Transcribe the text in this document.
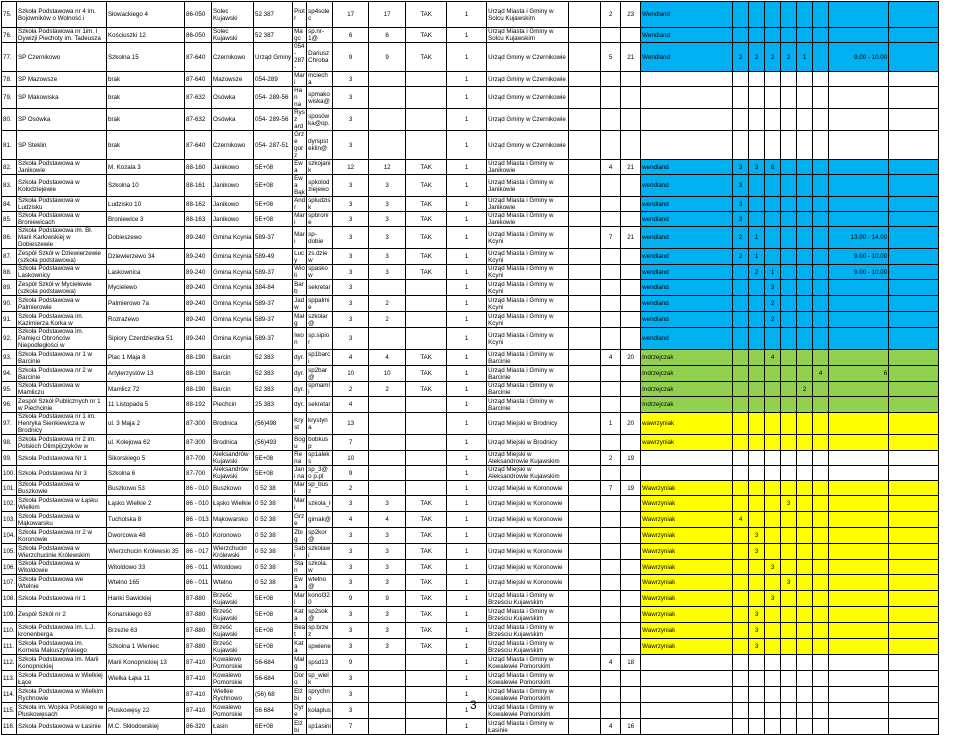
75.	Szkoła Podstawowa nr 4 im. Bojowników o Wolność i	Słowackiego 4	86-050	Solec Kujawski	52 387	Piotr	sp4solec	17	17	TAK	1	Urząd Miasta i Gminy w Solcu Kujawskim		2	23	Wendland								
76.	Szkoła Podstawowa nr 1im. I Dywizji Piechoty im. Tadeusza	Kościuszki 12	86-050	Solec Kujawski	52 387	Magc	sp.nr-1@	6	6	TAK	1	Urząd Miasta i Gminy w Solcu Kujawskim				Wendland								
77.	SP Czernikowo	Szkolna 15	87-640	Czernikowo	Urząd Gminy	054- 287-	Dariusz Chroba	9	9	TAK	1	Urząd Gminy w Czernikowie		5	21	Wendland	2	2	2	2	1		9.00 - 10.00	
78.	SP Mazowsze	brak	87-640	Mazowsze	054-289	Mari	mciecha	3			1	Urząd Gminy w Czernikowie												
79.	SP Makowiska	brak	87-632	Osówka	054- 289-56	Han na	spmako wiska@	3			1	Urząd Gminy w Czernikowie												
80.	SP Osówka	brak	87-632	Osówka	054- 289-56	Rysz ard	sposów ka@op.	3			1	Urząd Gminy w Czernikowie												
81.	SP Steklin	brak	87-640	Czernikowo	054- 287-51	Grze gorz	dyrspst eklin@	3			1	Urząd Gminy w Czernikowie												
82.	Szkoła Podstawowa w Janikowie	M. Kozala 3	88-160	Janikowo	5E+08	Ewa	szkojanik	12	12	TAK	1	Urząd Miasta i Gminy w Janikowie		4	21	wendland	3	3	6					
83.	Szkoła Podstawowa w Kołodziejewie	Szkolna 10	88-161	Janikowo	5E+08	Ewa Bąk	spkolod ziejewo	3	3	TAK	1	Urząd Miasta i Gminy w Janikowie				wendland	3							
84.	Szkoła Podstawowa w Ludzisku	Ludzisko 10	88-162	Janikowo	5E+08	Andr	spludzisk	3	3	TAK	1	Urząd Miasta i Gminy w Janikowie				wendland	3							
85.	Szkoła Podstawowa w Broniewicach	Broniewice 3	88-163	Janikowo	5E+08	Mari	spbronie	3	3	TAK	1	Urząd Miasta i Gminy w Janikowie				wendland	3							
86.	Szkoła Podstawowa im. Bł. Marii Karłowskiej w Dobieszewie	Dobieszewo	89-240	Gmina Kcynia	589-37	Mari	sp-dobie	3	3	TAK	1	Urząd Miasta i Gminy w Kcyni		7	21	wendland	2	1					13.00 - 14.00	
87.	Zespół Szkół w Dziewierzewie (szkoła podstawowa)	Dziewierzewo 34	89-240	Gmina Kcynia	589-49	Lucy	zs.dziew	3	3	TAK	1	Urząd Miasta i Gminy w Kcyni				wendland	2	1					9.00 - 10.00	
88.	Szkoła Podstawowa w Laskownicy	Laskownica	89-240	Gmina Kcynia	589-37	Wioli	spaskow	3	3	TAK	1	Urząd Miasta i Gminy w Kcyni				wendland		2	1				9.00 - 10.00	
89.	Zespół Szkół w Mycielewie (szkoła podstawowa)	Mycielewo	89-240	Gmina Kcynia	384-84	Barb	sekretar	3			1	Urząd Miasta i Gminy w Kcyni				wendland			3					
90.	Szkoła Podstawowa w Palmierowie	Palmierowo 7a	89-240	Gmina Kcynia	589-37	Jadw	sppalmie	3	2		1	Urząd Miasta i Gminy w Kcyni				wendland			2					
91.	Szkoła Podstawowa im. Kazimierza Korka w	Rozrażewo	89-240	Gmina Kcynia	589-37	Małg	szkolar@	3	2		1	Urząd Miasta i Gminy w Kcyni				wendland			2					
92.	Szkoła Podstawowa im. Pamięci Obrońców Niepodległości w	Sipiory Czerdziestka 51	89-240	Gmina Kcynia	589-37	Iwon	sp.sipior	3			1	Urząd Miasta i Gminy w Kcyni				wendland								
93.	Szkoła Podstawowa nr 1 w Barcinie	Plac 1 Maja 8	88-190	Barcin	52 383	dyr.	sp1barci	4	4	TAK	1	Urząd Miasta i Gminy w Barcinie		4	20	Indrzejczak			4					
94.	Szkoła Podstawowa nr 2 w Barcinie	Artylerzystów 13	88-190	Barcin	52 383	dyr.	sp2bar@	10	10	TAK	1	Urząd Miasta i Gminy w Barcinie				Indrzejczak						4	6	
95.	Szkoła Podstawowa w Mamliczu	Mamlicz 72	88-190	Barcin	52 383	dyr.	spmamli	2	2	TAK	1	Urząd Miasta i Gminy w Barcinie				Indrzejczak					2			
96.	Zespół Szkół Publicznych nr 1 w Piechcinie	11 Listopada 5	88-192	Piechcin	25 383	dyr.	sekretar	4			1	Urząd Miasta i Gminy w Barcinie				Indrzejczak								
97.	Szkoła Podstawowa nr 1 im. Henryka Sienkiewicza w Brodnicy	ul. 3 Maja 2	87-300	Brodnica	(56)498	Kryst	krystyna	13			1	Urząd Miejski w Brodnicy		1	20	wawrzyniak								
98.	Szkoła Podstawowa nr 2 im. Polskich Olimpijczyków w	ul. Kolejowa 62	87-300	Brodnica	(56)493	Bogu	bobkusp	7			1	Urząd Miejski w Brodnicy				wawrzyniak								
99.	Szkoła Podstawowa Nr 1	Sikorskiego 5	87-700	Aleksandrów Kujawski	5E+08	Rena	sp1aleks	10			1	Urząd Miejski w Aleksandrowie Kujawskim		2	19									
100.	Szkoła Podstawowa Nr 3	Szkolna 6	87-700	Aleksandrów Kujawski	5E+08	Jani na	sp_3@o p.pl	9			1	Urząd Miejski w Aleksandrowie Kujawskim												
101.	Szkoła Podstawowa w Buszkowie	Buszkowo 53	86 - 010	Buszkowo	0 52 38	Mari	sp_busz	2			1	Urząd Miejski w Koronowie		7	19	Wawrzyniak								
102.	Szkoła Podstawowa w Łąsku Wielkim	Łąsko Wielkie 2	86 - 010	Łąsko Wielkie	0 52 38	Mari	szkola_ł	3	3	TAK	1	Urząd Miejski w Koronowie				Wawrzyniak				3				
103.	Szkoła Podstawowa w Mąkowarsku	Tucholska 8	86 - 013	Mąkowarsko	0 52 38	Grze	gimak@	4	4	TAK	1	Urząd Miejski w Koronowie				Wawrzyniak	4							
104.	Szkoła Podstawowa nr 2 w Koronowie	Dworcowa 48	86 - 010	Koronowo	0 52 38	Zbig	sp2kor@	3	3	TAK	1	Urząd Miejski w Koronowie				Wawrzyniak		3						
105.	Szkoła Podstawowa w Wierzchucinie Królewskim	Wierzchucin Królewski 35	86 - 017	Wierzchucin Królewski	0 52 38	Sabi	szkolawi	3	3	TAK	1	Urząd Miejski w Koronowie				Wawrzyniak		3						
106.	Szkoła Podstawowa w Witoldowie	Witoldowo 33	86 - 011	Witoldowo	0 52 38	Stan	szkola.w	3	3	TAK	1	Urząd Miejski w Koronowie				Wawrzyniak			3					
107.	Szkoła Podstawowa we Wtelnie	Wtelno 165	86 - 011	Wtelno	0 52 38	Ewa	wtelno@	3	3	TAK	1	Urząd Miejski w Koronowie				Wawrzyniak				3				
108.	Szkoła Podstawowa nr 1	Hanki Sawickiej	87-880	Brześć Kujawski	5E+08	Mari	konol320	9	9	TAK	1	Urząd Miasta i Gminy w Brześciu Kujawskim				Wawrzyniak			3					
109.	Zespół Szkół nr 2	Konarskiego 63	87-880	Brześć Kujawski	5E+08	Kata	sp2sok@	3	3	TAK	1	Urząd Miasta i Gminy w Brześciu Kujawskim				Wawrzyniak		3						
110.	Szkoła Podstawowa im. L.J. kronenberga	Brzezie 63	87-880	Brześć Kujawski	5E+08	Beat	sp.brzez	3	3	TAK	1	Urząd Miasta i Gminy w Brześciu Kujawskim				Wawrzyniak		3						
111.	Szkoła Podstawowa im. Kornela Makuszyńskiego	Szkolna 1 Wieniec	87-880	Brześć Kujawski	5E+08	Kata	spwiene	3	3	TAK	1	Urząd Miasta i Gminy w Brześciu Kujawskim				Wawrzyniak		3						
112.	Szkoła Podstawowa im. Marii Konopnickiej	Marii Konopnickiej 13	87-410	Kowalewo Pomorskie	56-684	Małg	spsd13	9			1	Urząd Miasta i Gminy w Kowalewie Pomorskim		4	18									
113.	Szkoła Podstawowa w Wielkiej Łące	Wielka Łąka 11	87-410	Kowalewo Pomorskie	56-684	Doro	sp_wielk	3			1	Urząd Miasta i Gminy w Kowalewie Pomorskim												
114.	Szkoła Podstawowa w Wielkim Rychnowie		87-410	Wielkie Rychnowo	(56) 68	Elżbi	sprychno	3			1	Urząd Miasta i Gminy w Kowalewie Pomorskim												
115.	Szkoła im. Wojska Polskiego w Pluskowęsach	Pluskowęsy 22	87-410	Kowalewo Pomorskie	56 684	Dyre	kolaplus	3			1	Urząd Miasta i Gminy w Kowalewie Pomorskim												
116.	Szkoła Podstawowa w Łasinie	M.C. Skłodowskiej	86-320	Łasin	6E+08	Elżbi	sp1asini	7			1	Urząd Miasta i Gminy w Łasinie		4	16									
3
